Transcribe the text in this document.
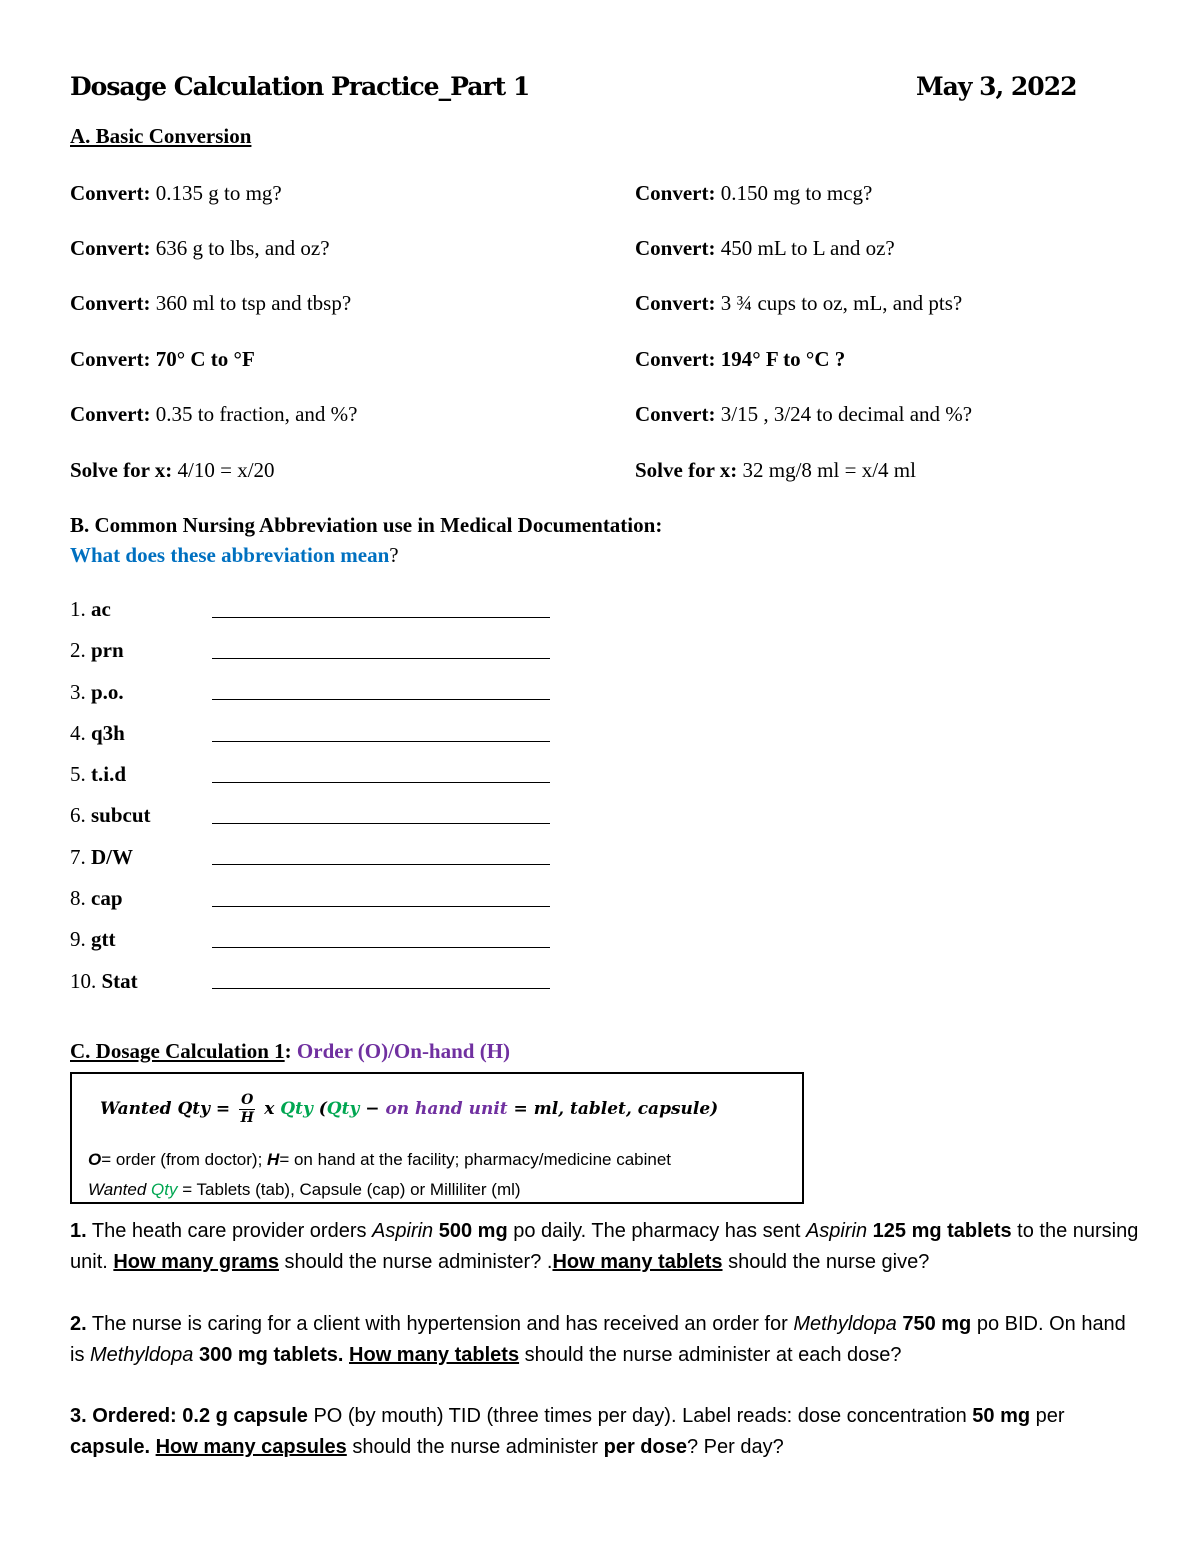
Dosage Calculation Practice_Part 1	May 3, 2022
A. Basic Conversion
Convert: 0.135 g to mg?
Convert: 636 g to lbs, and oz?
Convert: 360 ml to tsp and tbsp?
Convert: 70° C to °F
Convert: 0.35 to fraction, and %?
Solve for x: 4/10 = x/20
Convert: 0.150 mg to mcg?
Convert: 450 mL to L and oz?
Convert: 3 ¾ cups to oz, mL, and pts?
Convert: 194° F to °C ?
Convert: 3/15 , 3/24 to decimal and %?
Solve for x: 32 mg/8 ml = x/4 ml
B. Common Nursing Abbreviation use in Medical Documentation:
What does these abbreviation mean?
1. ac
2. prn
3. p.o.
4. q3h
5. t.i.d
6. subcut
7. D/W
8. cap
9. gtt
10. Stat
C. Dosage Calculation 1: Order (O)/On-hand (H)
Wanted Qty = $\frac{O}{H}$ x Qty (Qty − on hand unit = ml, tablet, capsule)
O= order (from doctor); H= on hand at the facility; pharmacy/medicine cabinet
Wanted Qty = Tablets (tab), Capsule (cap) or Milliliter (ml)
1. The heath care provider orders Aspirin 500 mg po daily. The pharmacy has sent Aspirin 125 mg tablets to the nursing unit. How many grams should the nurse administer? .How many tablets should the nurse give?
2. The nurse is caring for a client with hypertension and has received an order for Methyldopa 750 mg po BID. On hand is Methyldopa 300 mg tablets. How many tablets should the nurse administer at each dose?
3. Ordered: 0.2 g capsule PO (by mouth) TID (three times per day). Label reads: dose concentration 50 mg per capsule. How many capsules should the nurse administer per dose? Per day?
